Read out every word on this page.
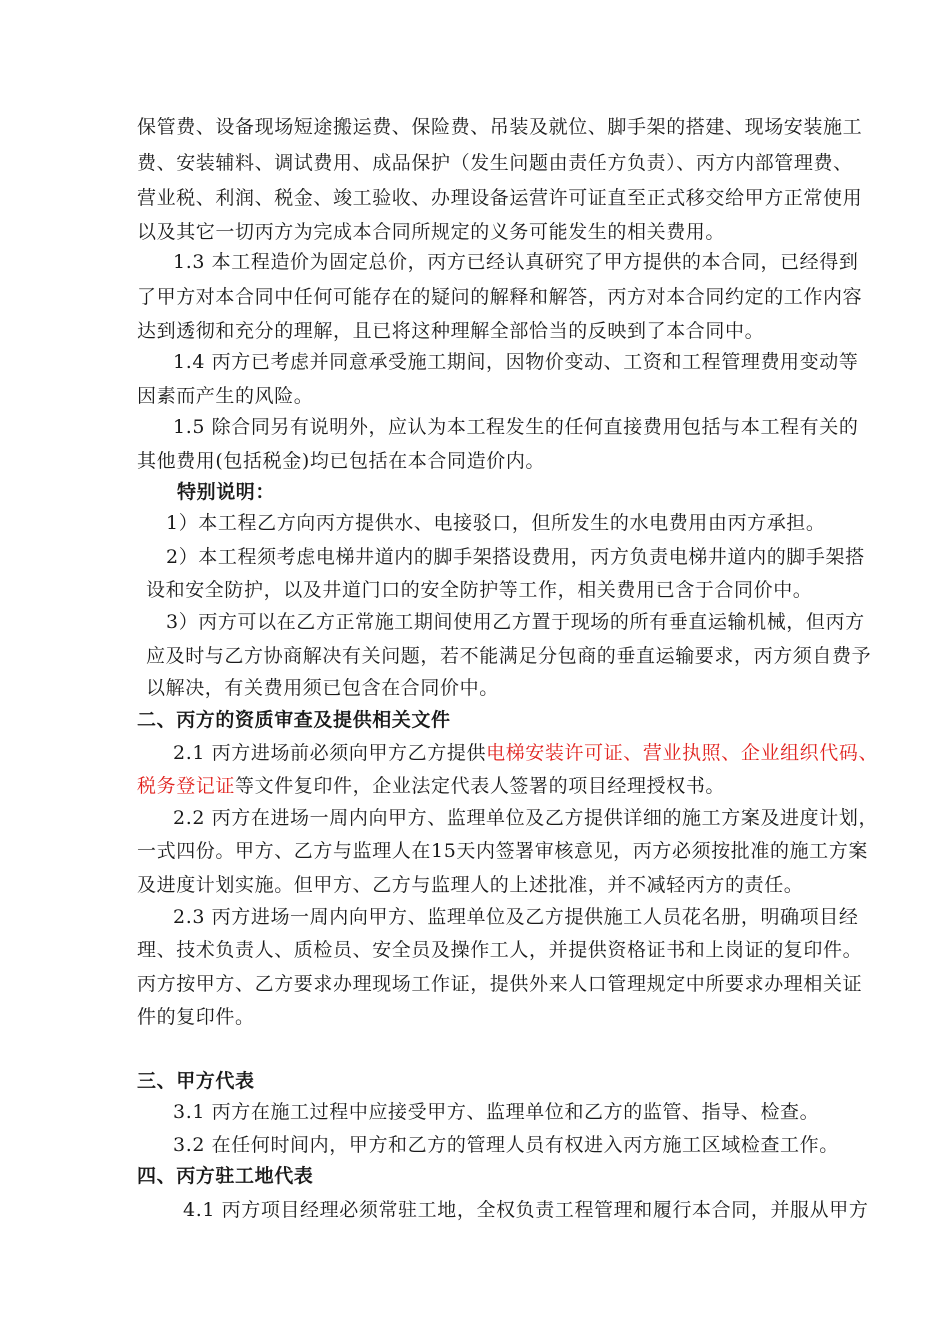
保管费、设备现场短途搬运费、保险费、吊装及就位、脚手架的搭建、现场安装施工
费、安装辅料、调试费用、成品保护（发生问题由责任方负责）、丙方内部管理费、
营业税、利润、税金、竣工验收、办理设备运营许可证直至正式移交给甲方正常使用
以及其它一切丙方为完成本合同所规定的义务可能发生的相关费用。
1.3 本工程造价为固定总价，丙方已经认真研究了甲方提供的本合同，已经得到
了甲方对本合同中任何可能存在的疑问的解释和解答，丙方对本合同约定的工作内容
达到透彻和充分的理解，且已将这种理解全部恰当的反映到了本合同中。
1.4 丙方已考虑并同意承受施工期间，因物价变动、工资和工程管理费用变动等
因素而产生的风险。
1.5 除合同另有说明外，应认为本工程发生的任何直接费用包括与本工程有关的
其他费用(包括税金)均已包括在本合同造价内。
特别说明：
1）本工程乙方向丙方提供水、电接驳口，但所发生的水电费用由丙方承担。
2）本工程须考虑电梯井道内的脚手架搭设费用，丙方负责电梯井道内的脚手架搭
设和安全防护，以及井道门口的安全防护等工作，相关费用已含于合同价中。
3）丙方可以在乙方正常施工期间使用乙方置于现场的所有垂直运输机械，但丙方
应及时与乙方协商解决有关问题，若不能满足分包商的垂直运输要求，丙方须自费予
以解决，有关费用须已包含在合同价中。
二、丙方的资质审查及提供相关文件
2.1 丙方进场前必须向甲方乙方提供电梯安装许可证、营业执照、企业组织代码、
税务登记证等文件复印件，企业法定代表人签署的项目经理授权书。
2.2 丙方在进场一周内向甲方、监理单位及乙方提供详细的施工方案及进度计划，
一式四份。甲方、乙方与监理人在15天内签署审核意见，丙方必须按批准的施工方案
及进度计划实施。但甲方、乙方与监理人的上述批准，并不减轻丙方的责任。
2.3 丙方进场一周内向甲方、监理单位及乙方提供施工人员花名册，明确项目经
理、技术负责人、质检员、安全员及操作工人，并提供资格证书和上岗证的复印件。
丙方按甲方、乙方要求办理现场工作证，提供外来人口管理规定中所要求办理相关证
件的复印件。
三、甲方代表
3.1 丙方在施工过程中应接受甲方、监理单位和乙方的监管、指导、检查。
3.2 在任何时间内，甲方和乙方的管理人员有权进入丙方施工区域检查工作。
四、丙方驻工地代表
4.1 丙方项目经理必须常驻工地，全权负责工程管理和履行本合同，并服从甲方
